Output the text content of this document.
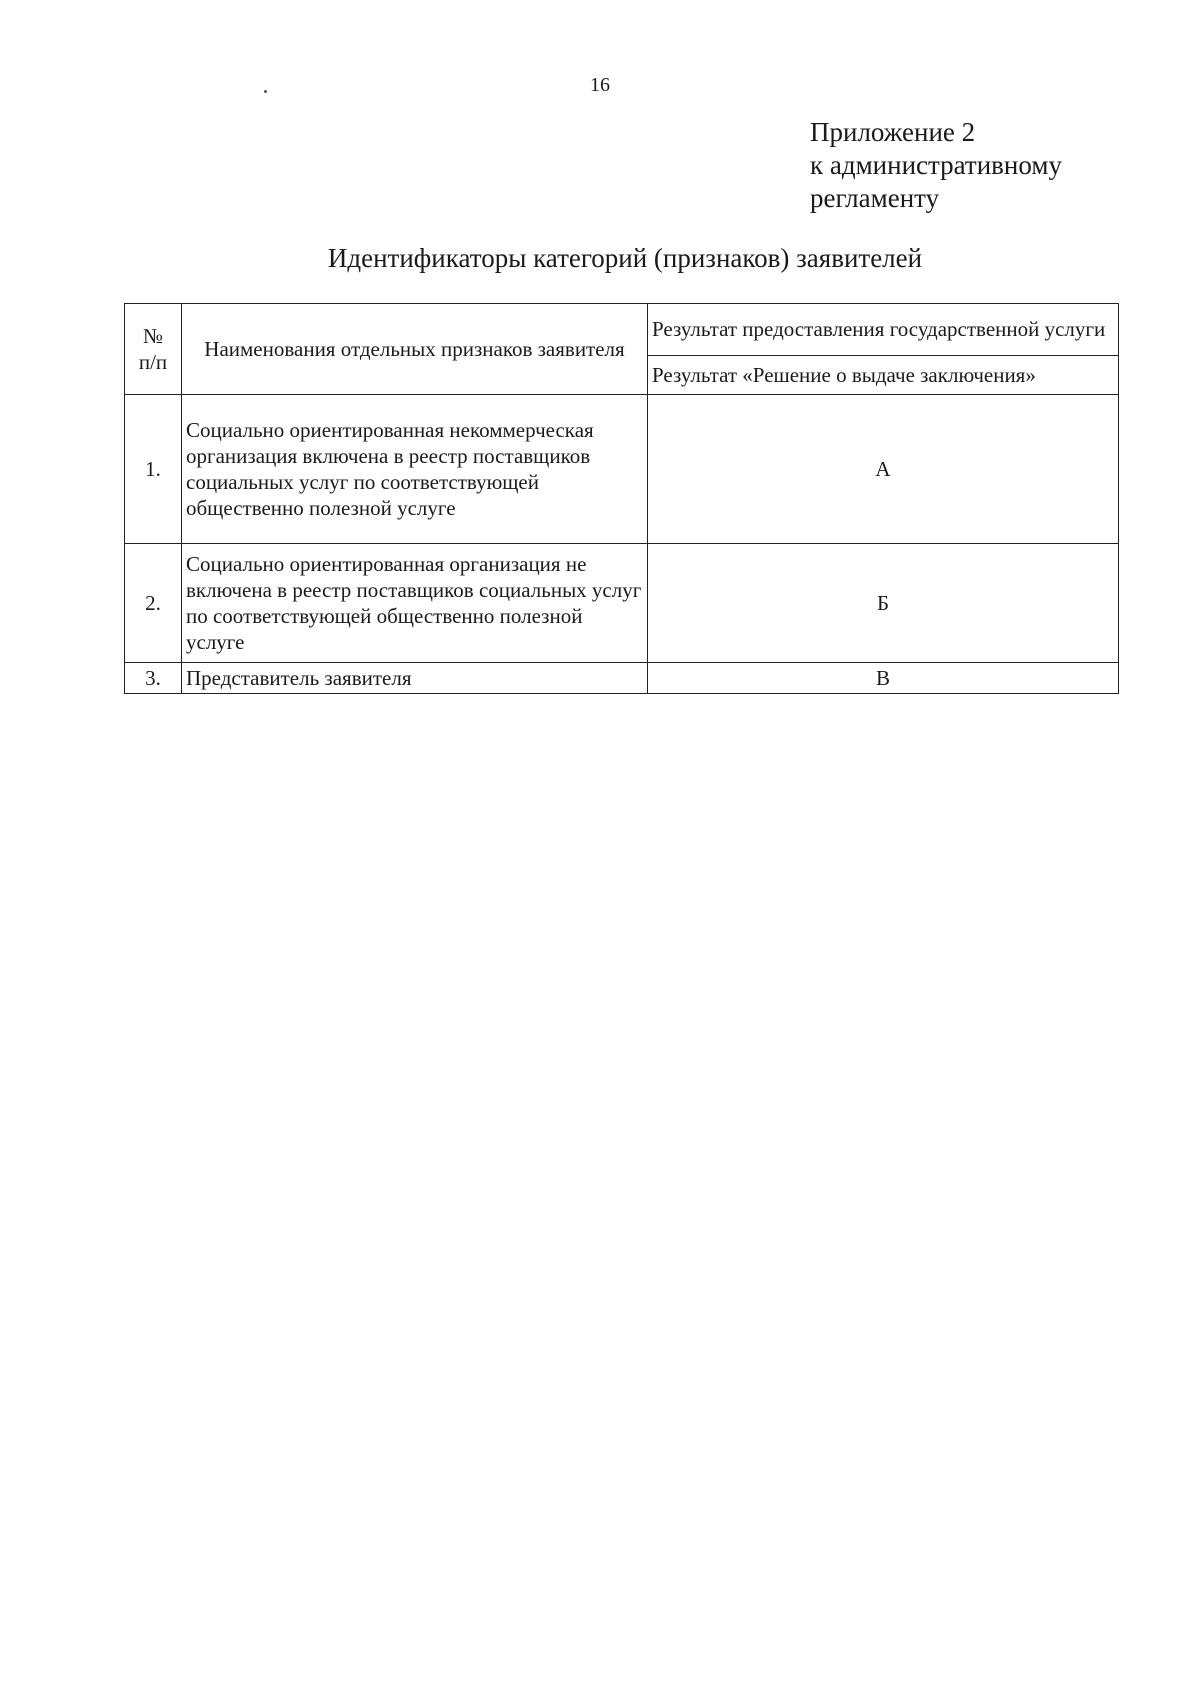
16
Приложение 2
к административному
регламенту
Идентификаторы категорий (признаков) заявителей
№
п/п	Наименования отдельных признаков заявителя	Результат предоставления государственной услуги
		Результат «Решение о выдаче заключения»
1.	Социально ориентированная некоммерческая организация включена в реестр поставщиков социальных услуг по соответствующей общественно полезной услуге	А
2.	Социально ориентированная организация не включена в реестр поставщиков социальных услуг по соответствующей общественно полезной услуге	Б
3.	Представитель заявителя	В
